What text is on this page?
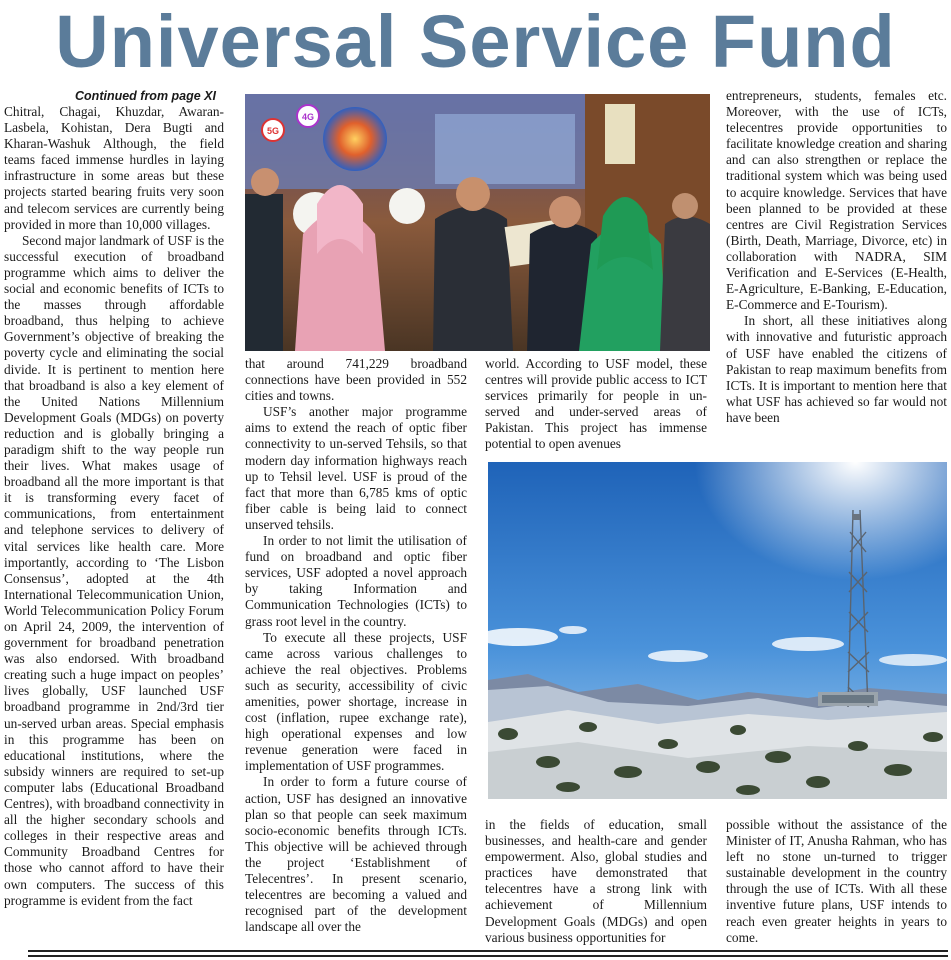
Universal Service Fund
Continued from page XI

Chitral, Chagai, Khuzdar, Awaran-Lasbela, Kohistan, Dera Bugti and Kharan-Washuk Although, the field teams faced immense hurdles in laying infrastructure in some areas but these projects started bearing fruits very soon and telecom services are currently being provided in more than 10,000 villages.

Second major landmark of USF is the successful execution of broadband programme which aims to deliver the social and economic benefits of ICTs to the masses through affordable broadband, thus helping to achieve Government’s objective of breaking the poverty cycle and eliminating the social divide. It is pertinent to mention here that broadband is also a key element of the United Nations Millennium Development Goals (MDGs) on poverty reduction and is globally bringing a paradigm shift to the way people run their lives. What makes usage of broadband all the more important is that it is transforming every facet of communications, from entertainment and telephone services to delivery of vital services like health care. More importantly, according to ‘The Lisbon Consensus’, adopted at the 4th International Telecommunication Union, World Telecommunication Policy Forum on April 24, 2009, the intervention of government for broadband penetration was also endorsed. With broadband creating such a huge impact on peoples’ lives globally, USF launched USF broadband programme in 2nd/3rd tier un-served urban areas. Special emphasis in this programme has been on educational institutions, where the subsidy winners are required to set-up computer labs (Educational Broadband Centres), with broadband connectivity in all the higher secondary schools and colleges in their respective areas and Community Broadband Centres for those who cannot afford to have their own computers. The success of this programme is evident from the fact

that around 741,229 broadband connections have been provided in 552 cities and towns.

USF’s another major programme aims to extend the reach of optic fiber connectivity to un-served Tehsils, so that modern day information highways reach up to Tehsil level. USF is proud of the fact that more than 6,785 kms of optic fiber cable is being laid to connect unserved tehsils.

In order to not limit the utilisation of fund on broadband and optic fiber services, USF adopted a novel approach by taking Information and Communication Technologies (ICTs) to grass root level in the country.

To execute all these projects, USF came across various challenges to achieve the real objectives. Problems such as security, accessibility of civic amenities, power shortage, increase in cost (inflation, rupee exchange rate), high operational expenses and low revenue generation were faced in implementation of USF programmes.

In order to form a future course of action, USF has designed an innovative plan so that people can seek maximum socio-economic benefits through ICTs. This objective will be achieved through the project ‘Establishment of Telecentres’. In present scenario, telecentres are becoming a valued and recognised part of the development landscape all over the

world. According to USF model, these centres will provide public access to ICT services primarily for people in un-served and under-served areas of Pakistan. This project has immense potential to open avenues

in the fields of education, small businesses, and health-care and gender empowerment. Also, global studies and practices have demonstrated that telecentres have a strong link with achievement of Millennium Development Goals (MDGs) and open various business opportunities for

entrepreneurs, students, females etc. Moreover, with the use of ICTs, telecentres provide opportunities to facilitate knowledge creation and sharing and can also strengthen or replace the traditional system which was being used to acquire knowledge. Services that have been planned to be provided at these centres are Civil Registration Services (Birth, Death, Marriage, Divorce, etc) in collaboration with NADRA, SIM Verification and E-Services (E-Health, E-Agriculture, E-Banking, E-Education, E-Commerce and E-Tourism).

In short, all these initiatives along with innovative and futuristic approach of USF have enabled the citizens of Pakistan to reap maximum benefits from ICTs. It is important to mention here that what USF has achieved so far would not have been

possible without the assistance of the Minister of IT, Anusha Rahman, who has left no stone un-turned to trigger sustainable development in the country through the use of ICTs. With all these inventive future plans, USF intends to reach even greater heights in years to come.

5G
4G
